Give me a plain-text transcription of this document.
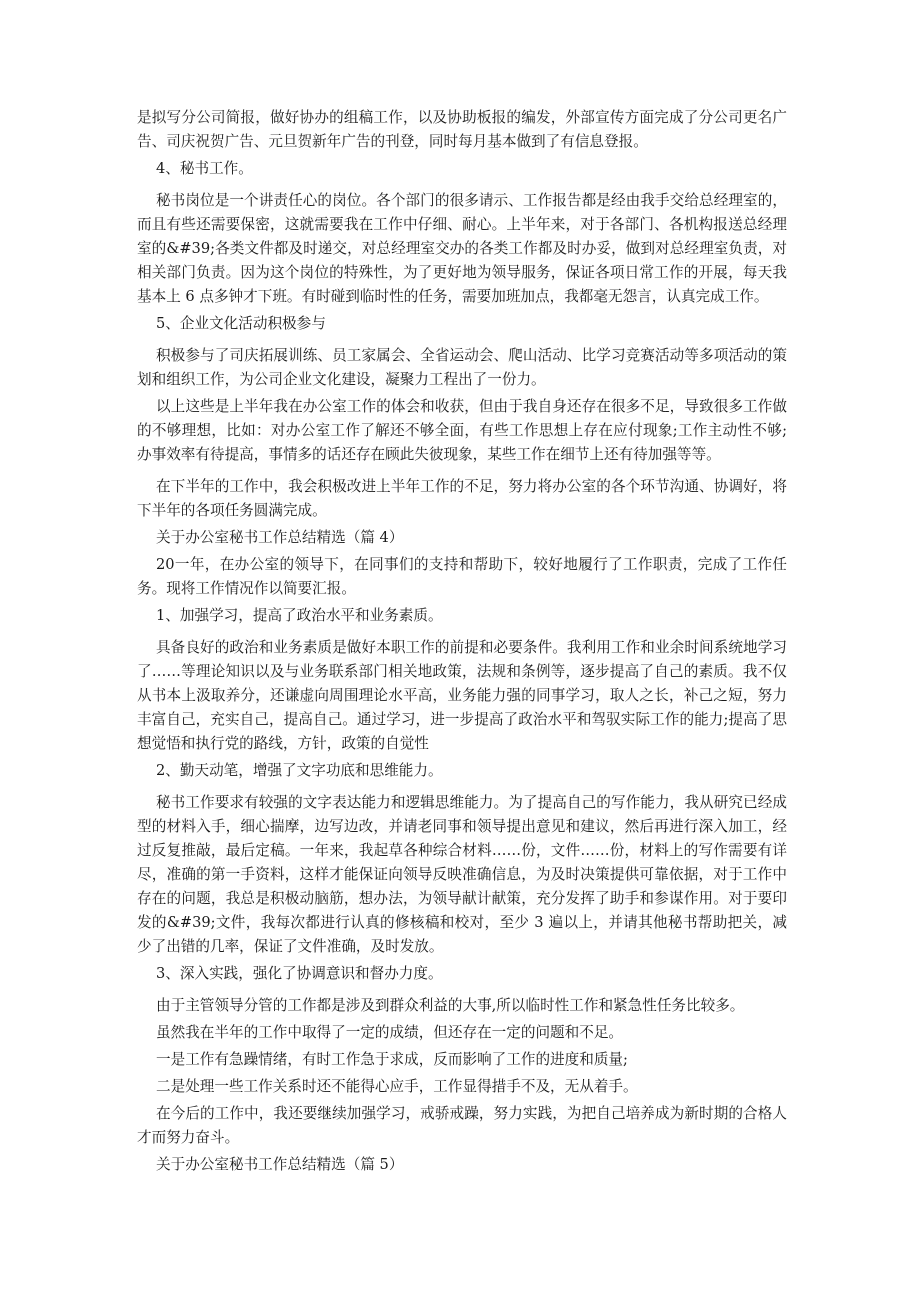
是拟写分公司简报，做好协办的组稿工作，以及协助板报的编发，外部宣传方面完成了分公司更名广告、司庆祝贺广告、元旦贺新年广告的刊登，同时每月基本做到了有信息登报。

4、秘书工作。

秘书岗位是一个讲责任心的岗位。各个部门的很多请示、工作报告都是经由我手交给总经理室的，而且有些还需要保密，这就需要我在工作中仔细、耐心。上半年来，对于各部门、各机构报送总经理室的&#39;各类文件都及时递交，对总经理室交办的各类工作都及时办妥，做到对总经理室负责，对相关部门负责。因为这个岗位的特殊性，为了更好地为领导服务，保证各项日常工作的开展，每天我基本上 6 点多钟才下班。有时碰到临时性的任务，需要加班加点，我都毫无怨言，认真完成工作。

5、企业文化活动积极参与

积极参与了司庆拓展训练、员工家属会、全省运动会、爬山活动、比学习竞赛活动等多项活动的策划和组织工作，为公司企业文化建设，凝聚力工程出了一份力。

以上这些是上半年我在办公室工作的体会和收获，但由于我自身还存在很多不足，导致很多工作做的不够理想，比如：对办公室工作了解还不够全面，有些工作思想上存在应付现象;工作主动性不够;办事效率有待提高，事情多的话还存在顾此失彼现象，某些工作在细节上还有待加强等等。

在下半年的工作中，我会积极改进上半年工作的不足，努力将办公室的各个环节沟通、协调好，将下半年的各项任务圆满完成。

关于办公室秘书工作总结精选（篇 4）

20一年，在办公室的领导下，在同事们的支持和帮助下，较好地履行了工作职责，完成了工作任务。现将工作情况作以简要汇报。

1、加强学习，提高了政治水平和业务素质。

具备良好的政治和业务素质是做好本职工作的前提和必要条件。我利用工作和业余时间系统地学习了……等理论知识以及与业务联系部门相关地政策，法规和条例等，逐步提高了自己的素质。我不仅从书本上汲取养分，还谦虚向周围理论水平高，业务能力强的同事学习，取人之长，补己之短，努力丰富自己，充实自己，提高自己。通过学习，进一步提高了政治水平和驾驭实际工作的能力;提高了思想觉悟和执行党的路线，方针，政策的自觉性

2、勤天动笔，增强了文字功底和思维能力。

秘书工作要求有较强的文字表达能力和逻辑思维能力。为了提高自己的写作能力，我从研究已经成型的材料入手，细心揣摩，边写边改，并请老同事和领导提出意见和建议，然后再进行深入加工，经过反复推敲，最后定稿。一年来，我起草各种综合材料……份，文件……份，材料上的写作需要有详尽，准确的第一手资料，这样才能保证向领导反映准确信息，为及时决策提供可靠依据，对于工作中存在的问题，我总是积极动脑筋，想办法，为领导献计献策，充分发挥了助手和参谋作用。对于要印发的&#39;文件，我每次都进行认真的修核稿和校对，至少 3 遍以上，并请其他秘书帮助把关，减少了出错的几率，保证了文件准确，及时发放。

3、深入实践，强化了协调意识和督办力度。

由于主管领导分管的工作都是涉及到群众利益的大事,所以临时性工作和紧急性任务比较多。

虽然我在半年的工作中取得了一定的成绩，但还存在一定的问题和不足。

一是工作有急躁情绪，有时工作急于求成，反而影响了工作的进度和质量;

二是处理一些工作关系时还不能得心应手，工作显得措手不及，无从着手。

在今后的工作中，我还要继续加强学习，戒骄戒躁，努力实践，为把自己培养成为新时期的合格人才而努力奋斗。

关于办公室秘书工作总结精选（篇 5）
